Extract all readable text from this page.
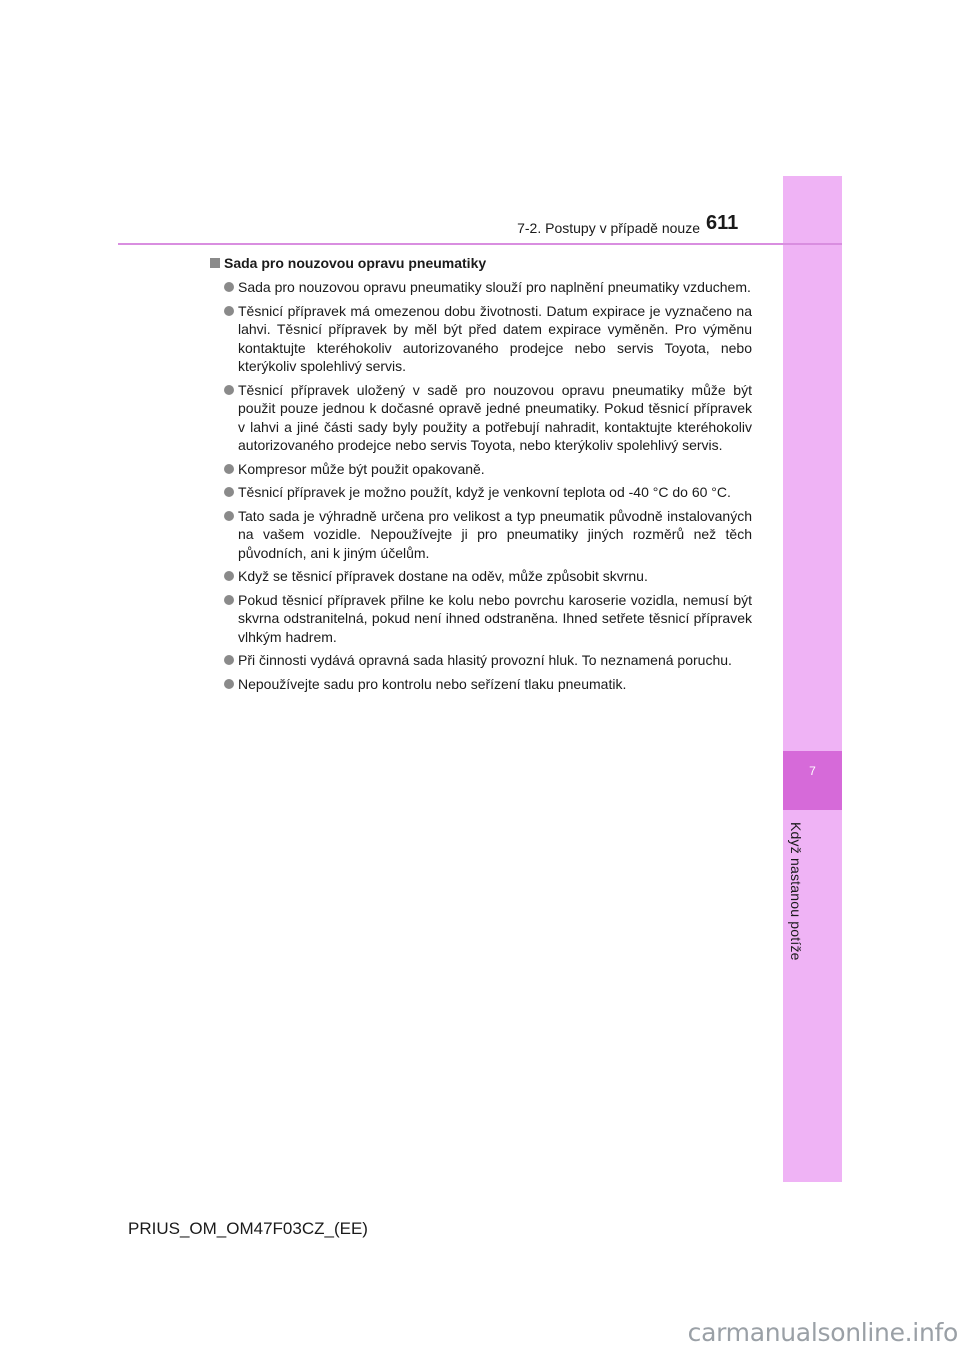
7
Když nastanou potíže
7-2. Postupy v případě nouze 611
Sada pro nouzovou opravu pneumatiky
Sada pro nouzovou opravu pneumatiky slouží pro naplnění pneumatiky vzduchem.
Těsnicí přípravek má omezenou dobu životnosti. Datum expirace je vyznačeno na lahvi. Těsnicí přípravek by měl být před datem expirace vyměněn. Pro výměnu kontaktujte kteréhokoliv autorizovaného prodejce nebo servis Toyota, nebo kterýkoliv spolehlivý servis.
Těsnicí přípravek uložený v sadě pro nouzovou opravu pneumatiky může být použit pouze jednou k dočasné opravě jedné pneumatiky. Pokud těsnicí přípravek v lahvi a jiné části sady byly použity a potřebují nahradit, kontaktujte kteréhokoliv autorizovaného prodejce nebo servis Toyota, nebo kterýkoliv spolehlivý servis.
Kompresor může být použit opakovaně.
Těsnicí přípravek je možno použít, když je venkovní teplota od -40 °C do 60 °C.
Tato sada je výhradně určena pro velikost a typ pneumatik původně instalovaných na vašem vozidle. Nepoužívejte ji pro pneumatiky jiných rozměrů než těch původních, ani k jiným účelům.
Když se těsnicí přípravek dostane na oděv, může způsobit skvrnu.
Pokud těsnicí přípravek přilne ke kolu nebo povrchu karoserie vozidla, nemusí být skvrna odstranitelná, pokud není ihned odstraněna. Ihned setřete těsnicí přípravek vlhkým hadrem.
Při činnosti vydává opravná sada hlasitý provozní hluk. To neznamená poruchu.
Nepoužívejte sadu pro kontrolu nebo seřízení tlaku pneumatik.
PRIUS_OM_OM47F03CZ_(EE)
carmanualsonline.info
